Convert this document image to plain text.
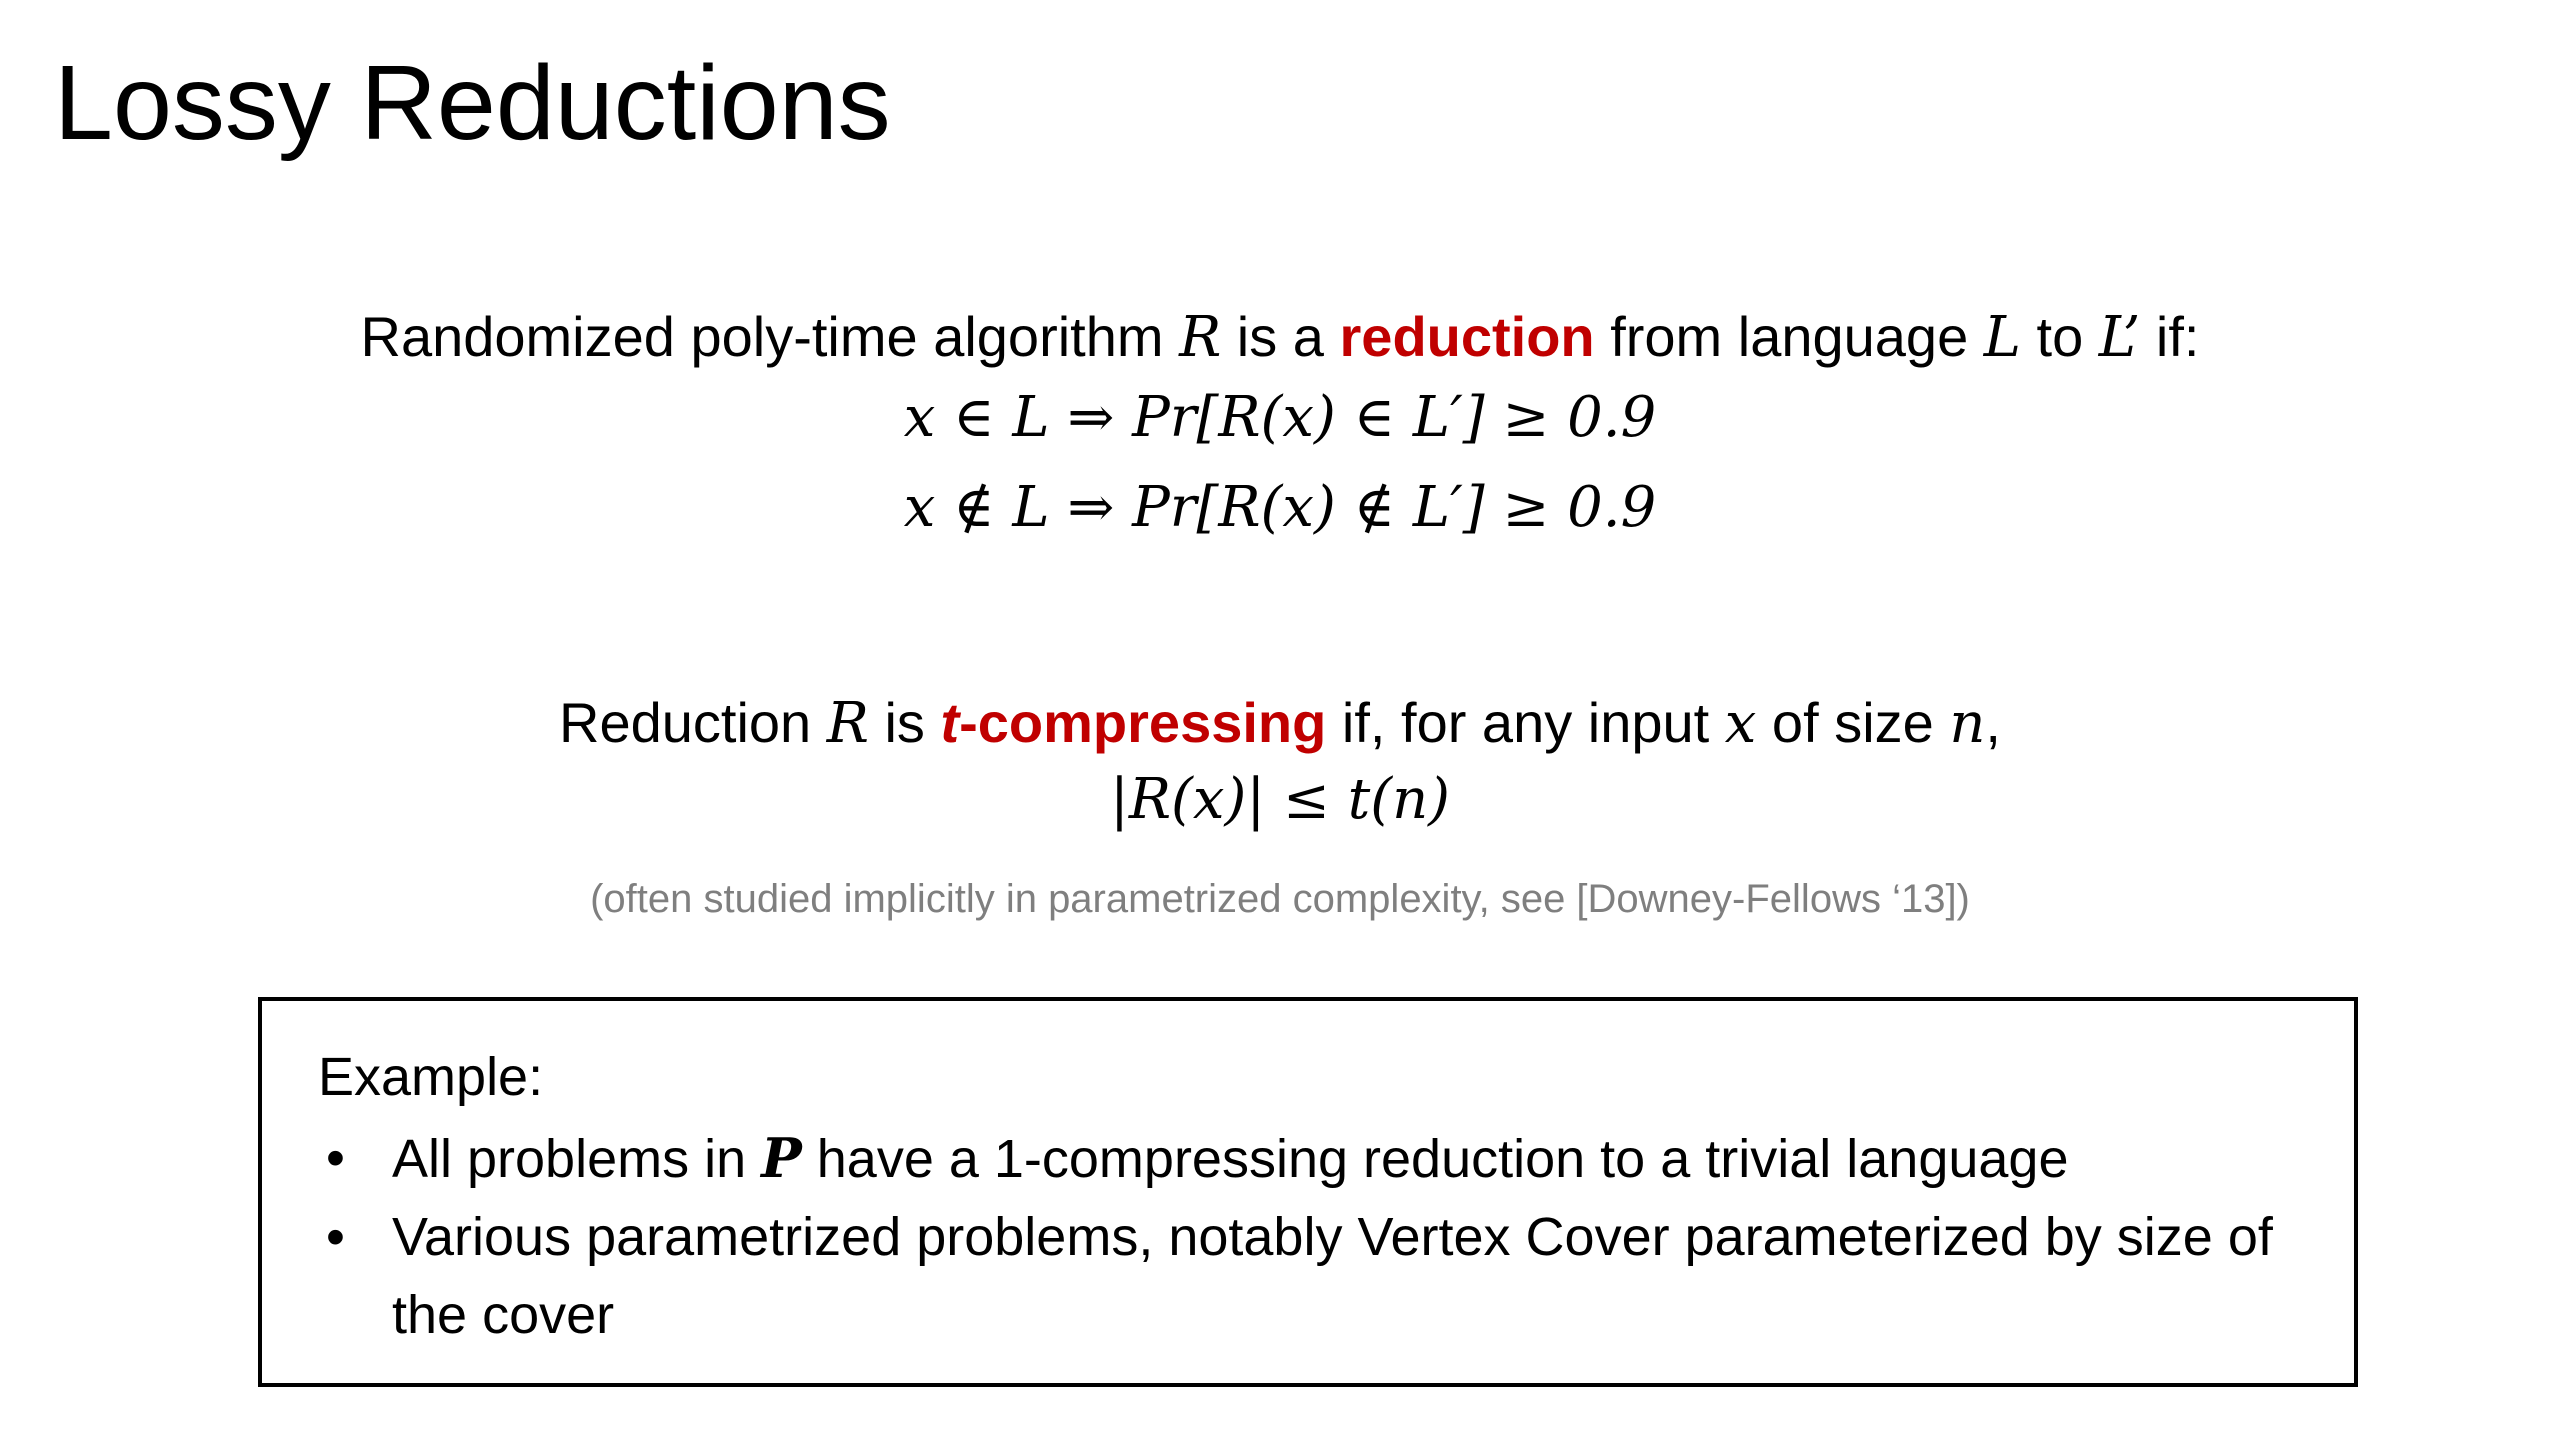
Lossy Reductions
Randomized poly-time algorithm R is a reduction from language L to L’ if:
x ∈ L ⇒ Pr[R(x) ∈ L′] ≥ 0.9
x ∉ L ⇒ Pr[R(x) ∉ L′] ≥ 0.9
Reduction R is t-compressing if, for any input x of size n,
|R(x)| ≤ t(n)
(often studied implicitly in parametrized complexity, see [Downey-Fellows ‘13])
Example:
• All problems in P have a 1-compressing reduction to a trivial language
• Various parametrized problems, notably Vertex Cover parameterized by size of the cover
